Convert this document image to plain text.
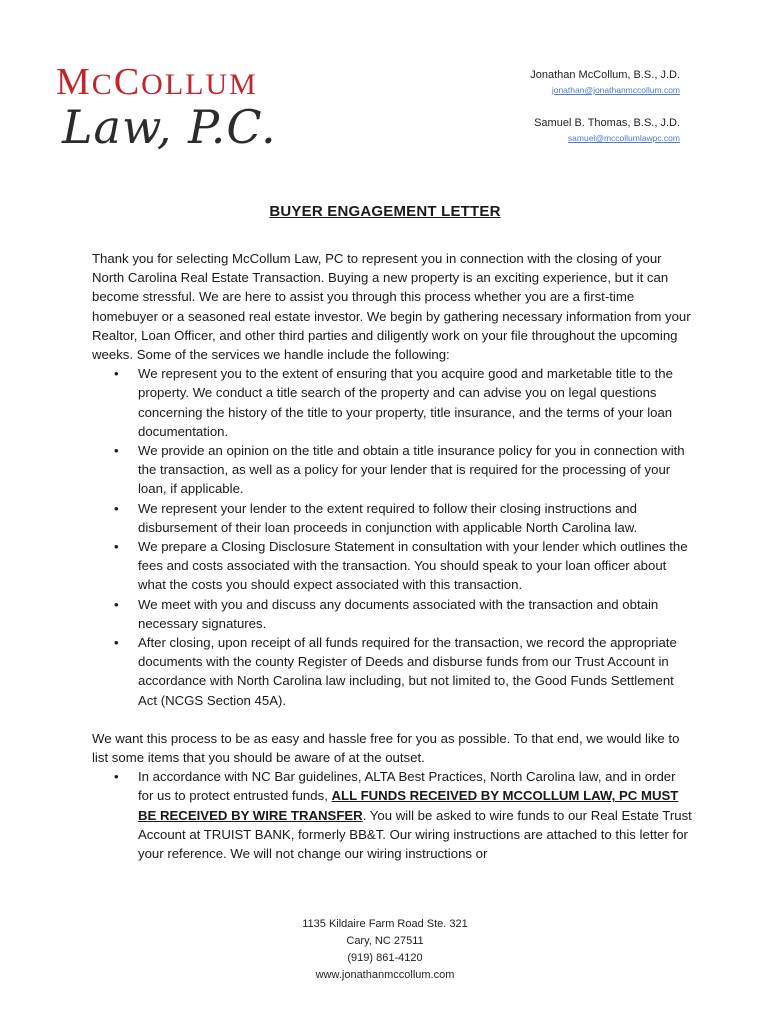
MCCOLLUM
Law, P.C.
Jonathan McCollum, B.S., J.D.
jonathan@jonathanmccollum.com
Samuel B. Thomas, B.S., J.D.
samuel@mccollumlawpc.com
BUYER ENGAGEMENT LETTER

Thank you for selecting McCollum Law, PC to represent you in connection with the closing of your North Carolina Real Estate Transaction. Buying a new property is an exciting experience, but it can become stressful. We are here to assist you through this process whether you are a first-time homebuyer or a seasoned real estate investor. We begin by gathering necessary information from your Realtor, Loan Officer, and other third parties and diligently work on your file throughout the upcoming weeks. Some of the services we handle include the following:

• We represent you to the extent of ensuring that you acquire good and marketable title to the property. We conduct a title search of the property and can advise you on legal questions concerning the history of the title to your property, title insurance, and the terms of your loan documentation.
• We provide an opinion on the title and obtain a title insurance policy for you in connection with the transaction, as well as a policy for your lender that is required for the processing of your loan, if applicable.
• We represent your lender to the extent required to follow their closing instructions and disbursement of their loan proceeds in conjunction with applicable North Carolina law.
• We prepare a Closing Disclosure Statement in consultation with your lender which outlines the fees and costs associated with the transaction. You should speak to your loan officer about what the costs you should expect associated with this transaction.
• We meet with you and discuss any documents associated with the transaction and obtain necessary signatures.
• After closing, upon receipt of all funds required for the transaction, we record the appropriate documents with the county Register of Deeds and disburse funds from our Trust Account in accordance with North Carolina law including, but not limited to, the Good Funds Settlement Act (NCGS Section 45A).

We want this process to be as easy and hassle free for you as possible. To that end, we would like to list some items that you should be aware of at the outset.

• In accordance with NC Bar guidelines, ALTA Best Practices, North Carolina law, and in order for us to protect entrusted funds, ALL FUNDS RECEIVED BY MCCOLLUM LAW, PC MUST BE RECEIVED BY WIRE TRANSFER. You will be asked to wire funds to our Real Estate Trust Account at TRUIST BANK, formerly BB&T. Our wiring instructions are attached to this letter for your reference. We will not change our wiring instructions or
1135 Kildaire Farm Road Ste. 321
Cary, NC 27511
(919) 861-4120
www.jonathanmccollum.com
